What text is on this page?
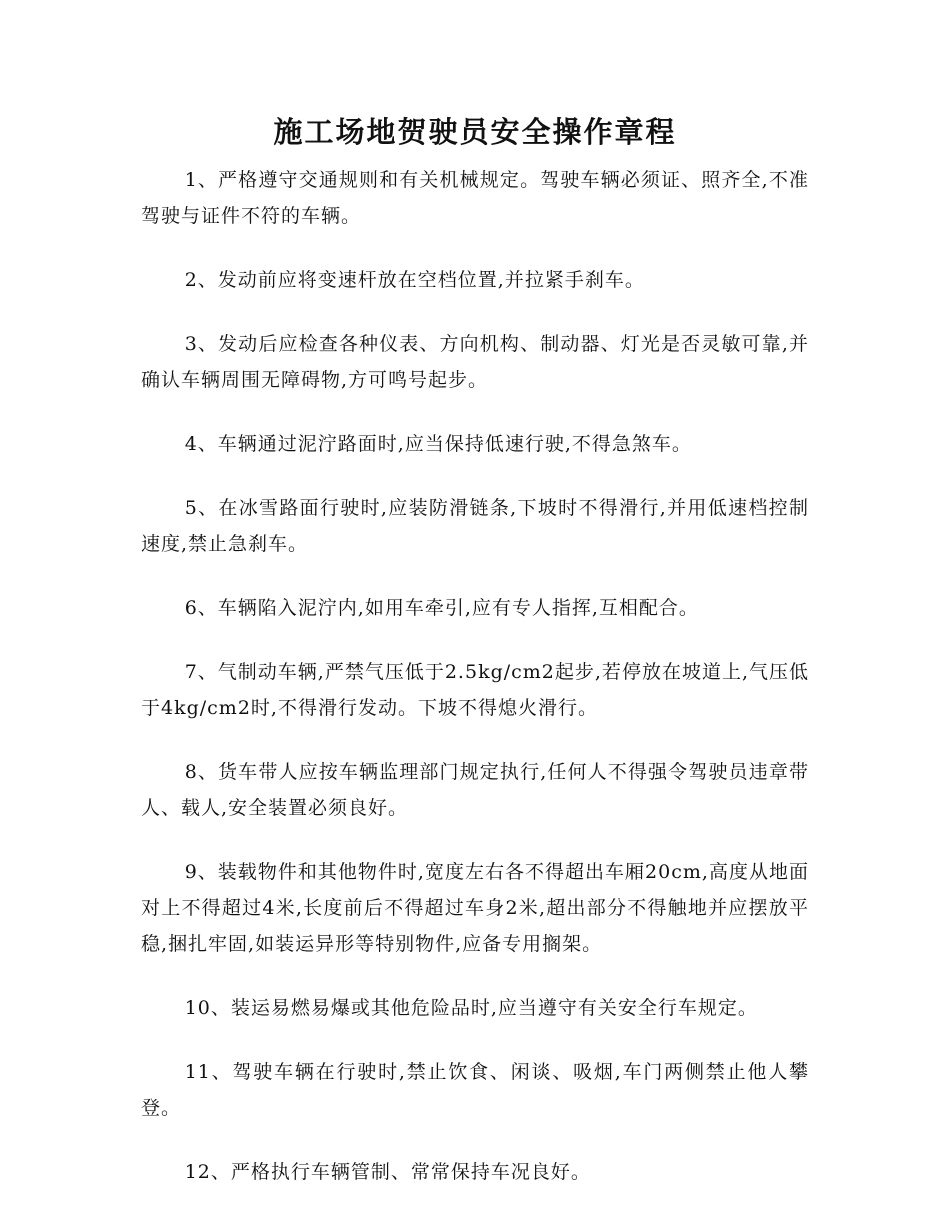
施工场地贺驶员安全操作章程

1、严格遵守交通规则和有关机械规定。驾驶车辆必须证、照齐全,不准驾驶与证件不符的车辆。

2、发动前应将变速杆放在空档位置,并拉紧手刹车。

3、发动后应检查各种仪表、方向机构、制动器、灯光是否灵敏可靠,并确认车辆周围无障碍物,方可鸣号起步。

4、车辆通过泥泞路面时,应当保持低速行驶,不得急煞车。

5、在冰雪路面行驶时,应装防滑链条,下坡时不得滑行,并用低速档控制速度,禁止急刹车。

6、车辆陷入泥泞内,如用车牵引,应有专人指挥,互相配合。

7、气制动车辆,严禁气压低于2.5kg/cm2起步,若停放在坡道上,气压低于4kg/cm2时,不得滑行发动。下坡不得熄火滑行。

8、货车带人应按车辆监理部门规定执行,任何人不得强令驾驶员违章带人、载人,安全装置必须良好。

9、装载物件和其他物件时,宽度左右各不得超出车厢20cm,高度从地面对上不得超过4米,长度前后不得超过车身2米,超出部分不得触地并应摆放平稳,捆扎牢固,如装运异形等特别物件,应备专用搁架。

10、装运易燃易爆或其他危险品时,应当遵守有关安全行车规定。

11、驾驶车辆在行驶时,禁止饮食、闲谈、吸烟,车门两侧禁止他人攀登。

12、严格执行车辆管制、常常保持车况良好。
